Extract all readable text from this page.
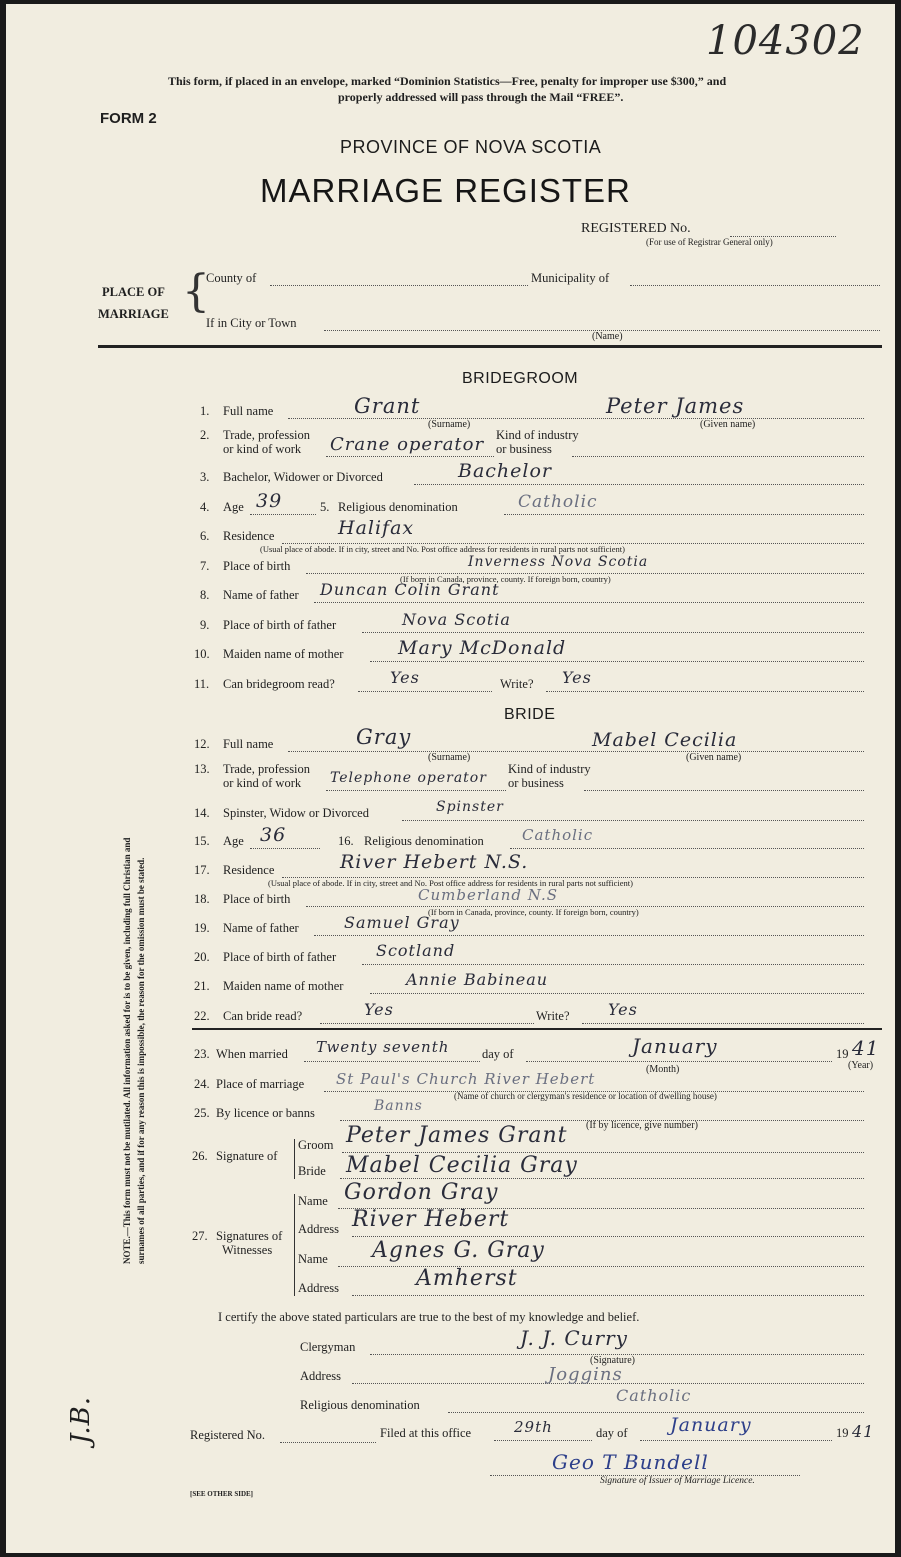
104302
This form, if placed in an envelope, marked “Dominion Statistics—Free, penalty for improper use $300,” and
properly addressed will pass through the Mail “FREE”.
FORM 2
PROVINCE OF NOVA SCOTIA
MARRIAGE REGISTER
REGISTERED No.
(For use of Registrar General only)
PLACE OF
MARRIAGE {
County of	Municipality of
If in City or Town
(Name)
BRIDEGROOM
1. Full name	Grant	Peter James
(Surname)	(Given name)
2. Trade, profession
or kind of work Crane operator Kind of industry
or business
3. Bachelor, Widower or Divorced	Bachelor
4. Age 39	5. Religious denomination	Catholic
6. Residence	Halifax
(Usual place of abode. If in city, street and No. Post office address for residents in rural parts not sufficient)
7. Place of birth	Inverness Nova Scotia
(If born in Canada, province, county. If foreign born, country)
8. Name of father Duncan Colin Grant
9. Place of birth of father	Nova Scotia
10. Maiden name of mother	Mary McDonald
11. Can bridegroom read?	Yes	Write? Yes
BRIDE
12. Full name	Gray	Mabel Cecilia
(Surname)	(Given name)
13. Trade, profession
or kind of work Telephone operator
Kind of industry
or business
14. Spinster, Widow or Divorced	Spinster
15. Age 36	16. Religious denomination	Catholic
17. Residence	River Hebert N.S.
(Usual place of abode. If in city, street and No. Post office address for residents in rural parts not sufficient)
18. Place of birth	Cumberland N.S
(If born in Canada, province, county. If foreign born, country)
19. Name of father	Samuel Gray
20. Place of birth of father Scotland
21. Maiden name of mother	Annie Babineau
22. Can bride read?	Yes	Write? Yes
23. When married Twenty seventh	day of	January	19 41
(Month)	(Year)
24. Place of marriage St Paul's Church River Hebert
(Name of church or clergyman's residence or location of dwelling house)
25. By licence or banns	Banns
(If by licence, give number)
26. Signature of
Groom Peter James Grant
Bride Mabel Cecilia Gray
27. Signatures of
Witnesses
Name Gordon Gray
Address River Hebert
Name Agnes G. Gray
Address	Amherst
I certify the above stated particulars are true to the best of my knowledge and belief.
Clergyman	J. J. Curry
(Signature)
Address	Joggins
Religious denomination	Catholic
Registered No.	Filed at this office	29th	day of January	19 41
Geo T Bundell
Signature of Issuer of Marriage Licence.
[SEE OTHER SIDE]
NOTE.—This form must not be mutilated. All information asked for is to be given, including full Christian and surnames of all parties, and if for any reason this is impossible, the reason for the omission must be stated.
J.B.
